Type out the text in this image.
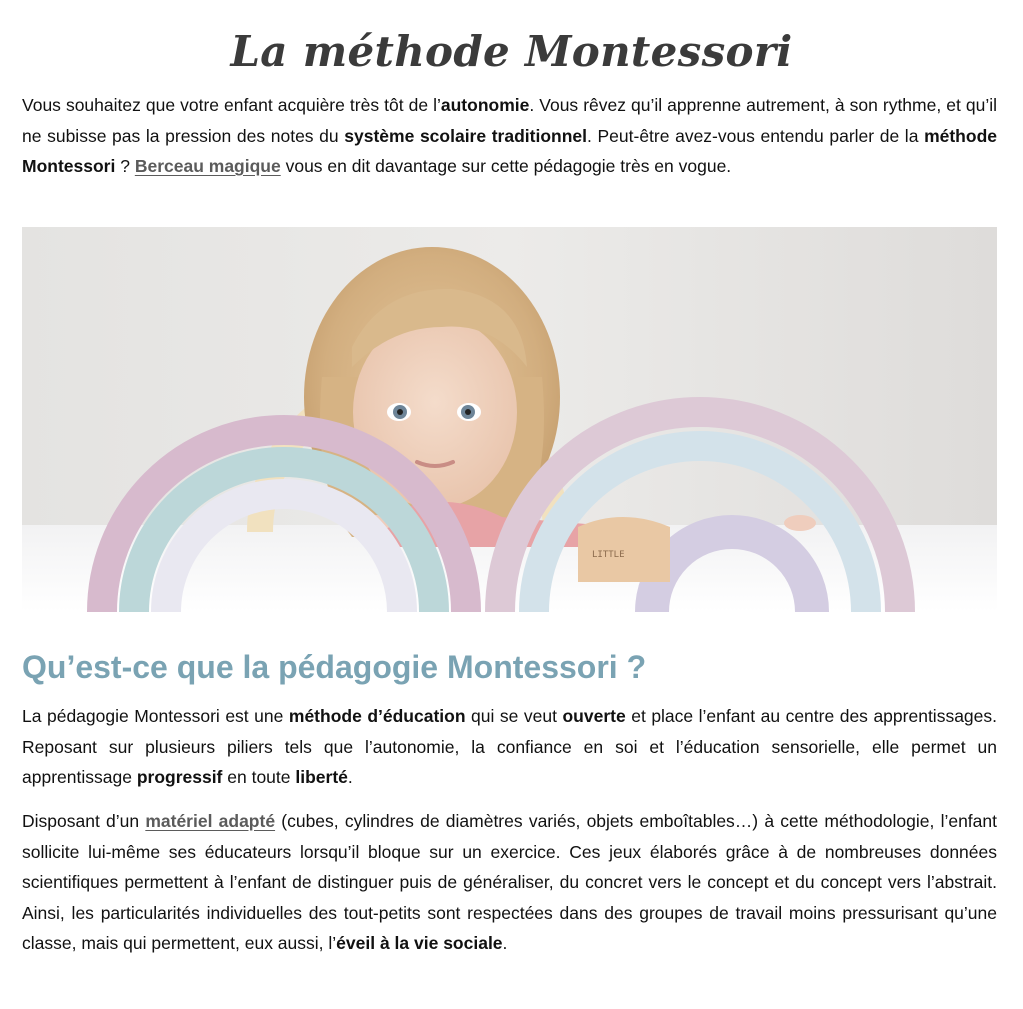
La méthode Montessori

Vous souhaitez que votre enfant acquière très tôt de l’autonomie. Vous rêvez qu’il apprenne autrement, à son rythme, et qu’il ne subisse pas la pression des notes du système scolaire traditionnel. Peut-être avez-vous entendu parler de la méthode Montessori ? Berceau magique vous en dit davantage sur cette pédagogie très en vogue.

LITTLE
Qu’est-ce que la pédagogie Montessori ?

La pédagogie Montessori est une méthode d’éducation qui se veut ouverte et place l’enfant au centre des apprentissages. Reposant sur plusieurs piliers tels que l’autonomie, la confiance en soi et l’éducation sensorielle, elle permet un apprentissage progressif en toute liberté.

Disposant d’un matériel adapté (cubes, cylindres de diamètres variés, objets emboîtables…) à cette méthodologie, l’enfant sollicite lui-même ses éducateurs lorsqu’il bloque sur un exercice. Ces jeux élaborés grâce à de nombreuses données scientifiques permettent à l’enfant de distinguer puis de généraliser, du concret vers le concept et du concept vers l’abstrait. Ainsi, les particularités individuelles des tout-petits sont respectées dans des groupes de travail moins pressurisant qu’une classe, mais qui permettent, eux aussi, l’éveil à la vie sociale.
